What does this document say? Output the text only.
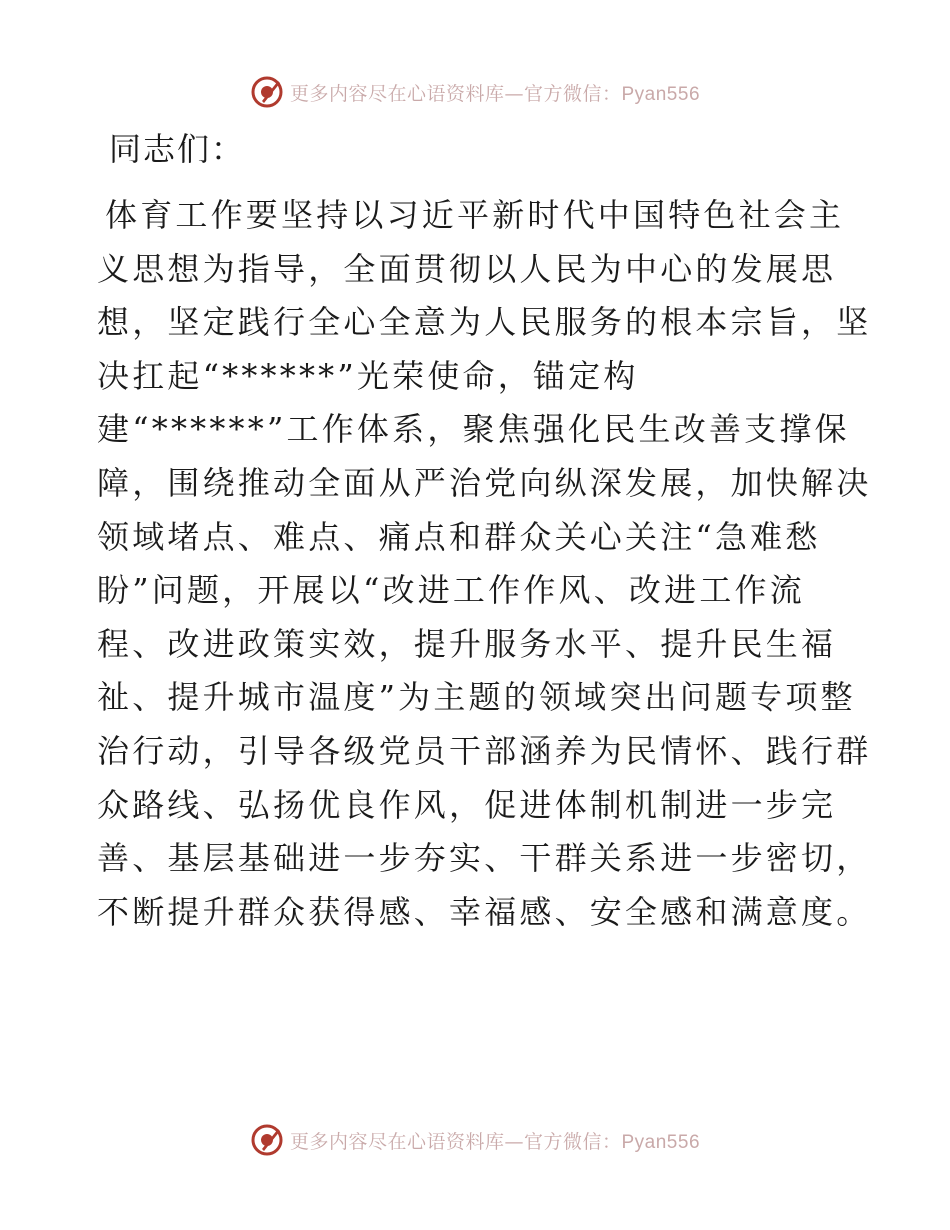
更多内容尽在心语资料库—官方微信：Pyan556
同志们：
体育工作要坚持以习近平新时代中国特色社会主
义思想为指导，全面贯彻以人民为中心的发展思
想，坚定践行全心全意为人民服务的根本宗旨，坚
决扛起“******”光荣使命，锚定构
建“******”工作体系，聚焦强化民生改善支撑保
障，围绕推动全面从严治党向纵深发展，加快解决
领域堵点、难点、痛点和群众关心关注“急难愁
盼”问题，开展以“改进工作作风、改进工作流
程、改进政策实效，提升服务水平、提升民生福
祉、提升城市温度”为主题的领域突出问题专项整
治行动，引导各级党员干部涵养为民情怀、践行群
众路线、弘扬优良作风，促进体制机制进一步完
善、基层基础进一步夯实、干群关系进一步密切，
不断提升群众获得感、幸福感、安全感和满意度。
更多内容尽在心语资料库—官方微信：Pyan556
